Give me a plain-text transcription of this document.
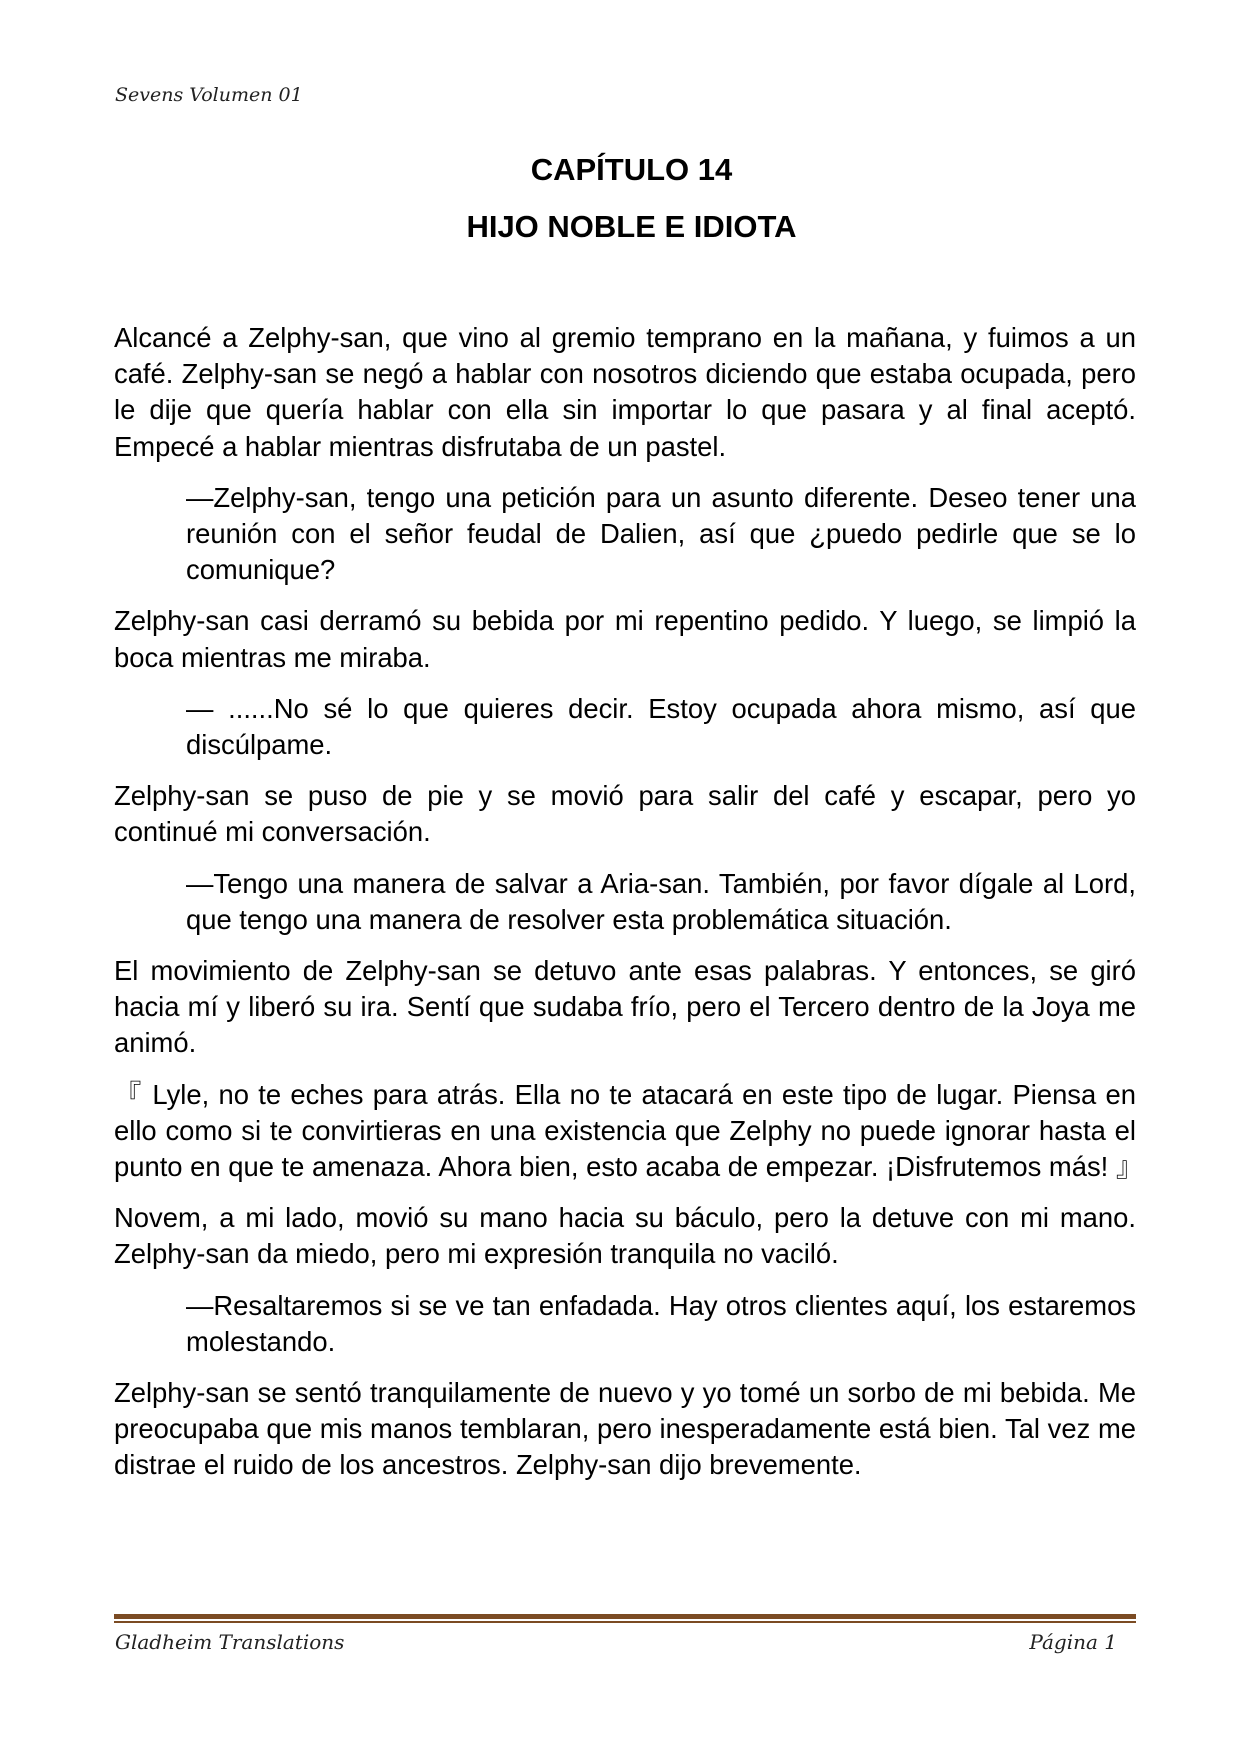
Sevens Volumen 01
CAPÍTULO 14
HIJO NOBLE E IDIOTA

Alcancé a Zelphy-san, que vino al gremio temprano en la mañana, y fuimos a un café. Zelphy-san se negó a hablar con nosotros diciendo que estaba ocupada, pero le dije que quería hablar con ella sin importar lo que pasara y al final aceptó. Empecé a hablar mientras disfrutaba de un pastel.

—Zelphy-san, tengo una petición para un asunto diferente. Deseo tener una reunión con el señor feudal de Dalien, así que ¿puedo pedirle que se lo comunique?

Zelphy-san casi derramó su bebida por mi repentino pedido. Y luego, se limpió la boca mientras me miraba.

— ......No sé lo que quieres decir. Estoy ocupada ahora mismo, así que discúlpame.

Zelphy-san se puso de pie y se movió para salir del café y escapar, pero yo continué mi conversación.

—Tengo una manera de salvar a Aria-san. También, por favor dígale al Lord, que tengo una manera de resolver esta problemática situación.

El movimiento de Zelphy-san se detuvo ante esas palabras. Y entonces, se giró hacia mí y liberó su ira. Sentí que sudaba frío, pero el Tercero dentro de la Joya me animó.

『 Lyle, no te eches para atrás. Ella no te atacará en este tipo de lugar. Piensa en ello como si te convirtieras en una existencia que Zelphy no puede ignorar hasta el punto en que te amenaza. Ahora bien, esto acaba de empezar. ¡Disfrutemos más! 』

Novem, a mi lado, movió su mano hacia su báculo, pero la detuve con mi mano. Zelphy-san da miedo, pero mi expresión tranquila no vaciló.

—Resaltaremos si se ve tan enfadada. Hay otros clientes aquí, los estaremos molestando.

Zelphy-san se sentó tranquilamente de nuevo y yo tomé un sorbo de mi bebida. Me preocupaba que mis manos temblaran, pero inesperadamente está bien. Tal vez me distrae el ruido de los ancestros. Zelphy-san dijo brevemente.

Gladheim Translations	Página 1
